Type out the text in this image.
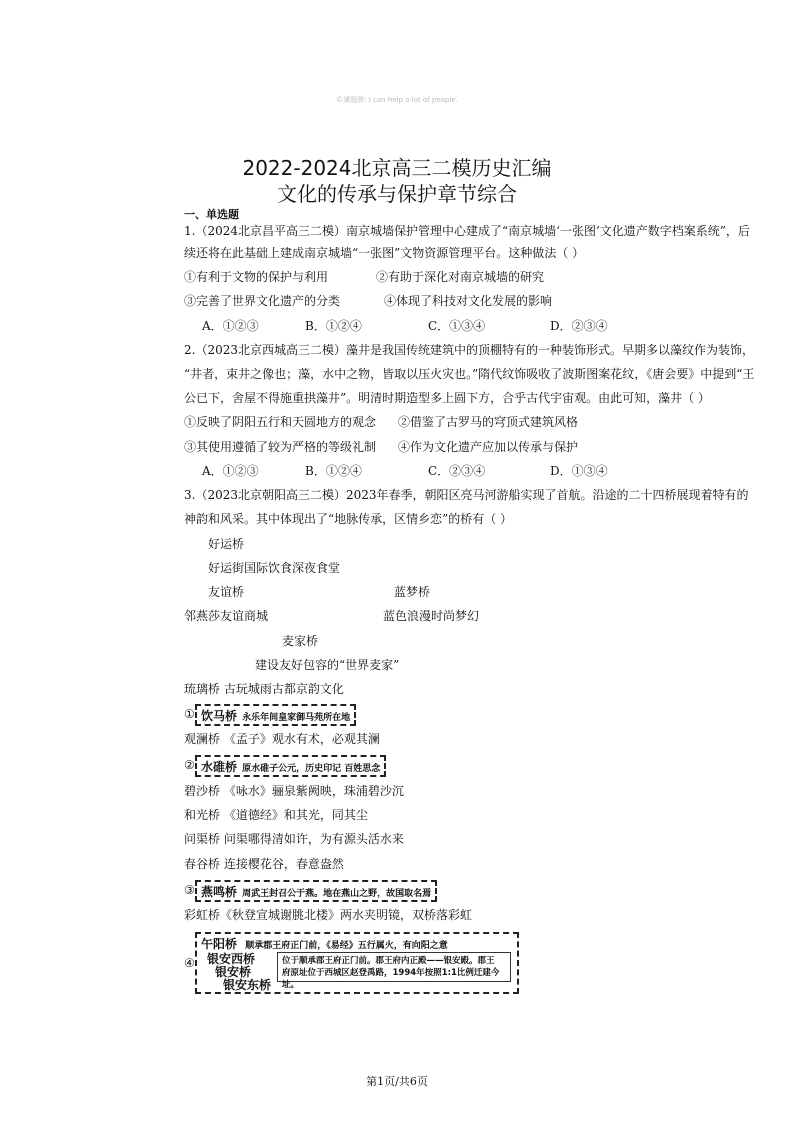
©讀题牌: I can help a lot of people.
2022-2024北京高三二模历史汇编
文化的传承与保护章节综合
一、单选题
1.（2024北京昌平高三二模）南京城墙保护管理中心建成了“南京城墙‘一张图’文化遗产数字档案系统”，后
续还将在此基础上建成南京城墙“一张图”文物资源管理平台。这种做法（ ）
①有利于文物的保护与利用	②有助于深化对南京城墙的研究
③完善了世界文化遗产的分类	④体现了科技对文化发展的影响
A．①②③	B．①②④	C．①③④	D．②③④
2.（2023北京西城高三二模）藻井是我国传统建筑中的顶棚特有的一种装饰形式。早期多以藻纹作为装饰，
“井者，束井之像也；藻，水中之物，皆取以压火灾也。”隋代纹饰吸收了波斯图案花纹，《唐会要》中提到“王
公已下，舍屋不得施重拱藻井”。明清时期造型多上圆下方，合乎古代宇宙观。由此可知，藻井（ ）
①反映了阴阳五行和天圆地方的观念 ②借鉴了古罗马的穹顶式建筑风格
③其使用遵循了较为严格的等级礼制 ④作为文化遗产应加以传承与保护
A．①②③	B．①②④	C．②③④	D．①③④
3.（2023北京朝阳高三二模）2023年春季，朝阳区亮马河游船实现了首航。沿途的二十四桥展现着特有的
神韵和风采。其中体现出了“地脉传承，区情乡恋”的桥有（ ）
好运桥
好运街国际饮食深夜食堂
友谊桥	蓝梦桥
邻燕莎友谊商城	蓝色浪漫时尚梦幻
麦家桥
建设友好包容的“世界麦家”
琉璃桥 古玩城雨古都京韵文化
① 饮马桥 永乐年间皇家御马苑所在地
观澜桥 《孟子》观水有术，必观其澜
② 水碓桥 原水碓子公元，历史印记 百姓思念
碧沙桥 《咏水》骊泉紫阙映，珠浦碧沙沉
和光桥 《道德经》和其光，同其尘
问渠桥 问渠哪得清如许，为有源头活水来
春谷桥 连接樱花谷，春意盎然
③ 燕鸣桥 周武王封召公于燕。地在燕山之野，故国取名焉
彩虹桥《秋登宣城谢朓北楼》两水夹明镜，双桥落彩虹
④
午阳桥 顺承郡王府正门前，《易经》五行属火，有向阳之意
银安西桥
银安桥
银安东桥
位于顺承郡王府正门前。郡王府内正殿——银安殿。郡王
府原址位于西城区赵登禹路，1994年按照1:1比例迁建今址。
第1页/共6页
